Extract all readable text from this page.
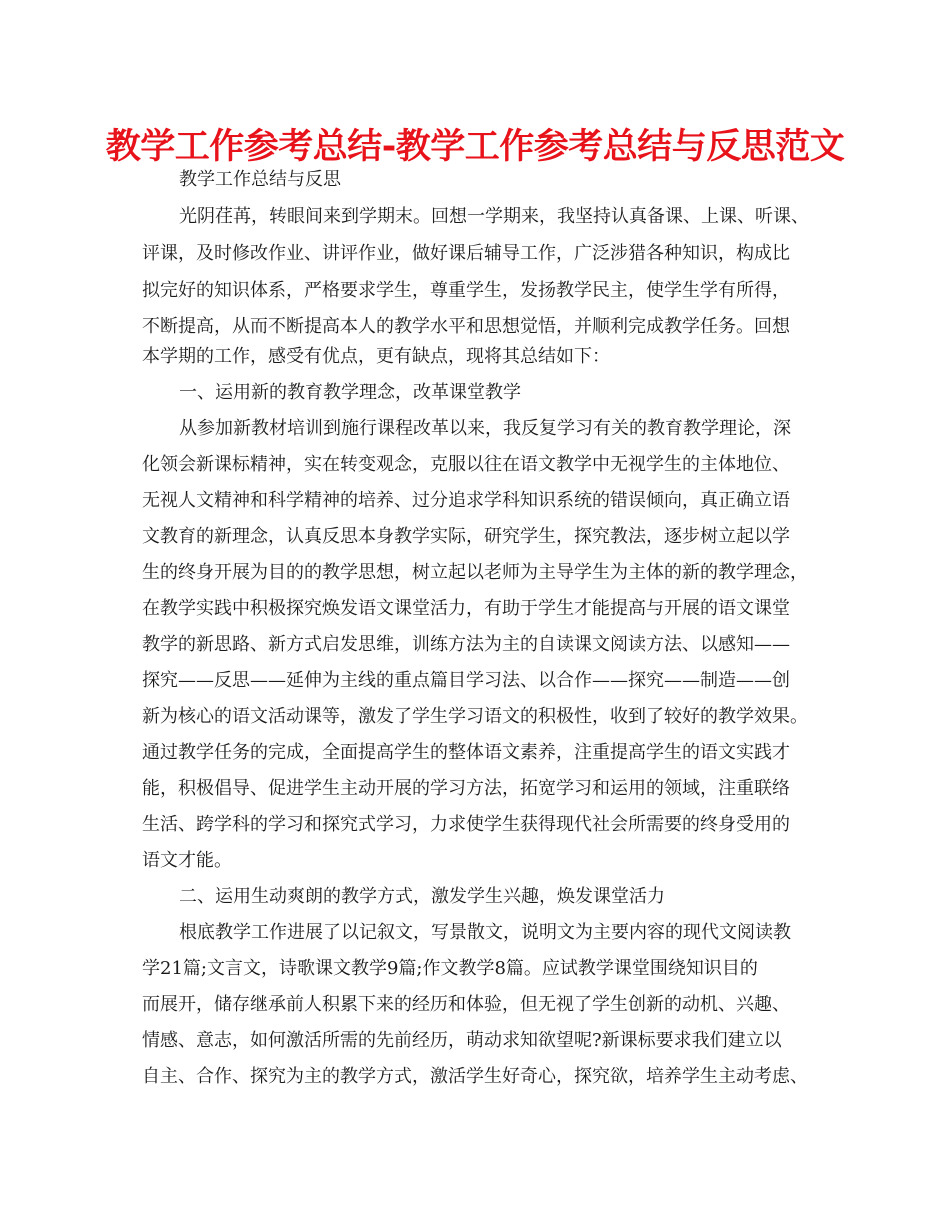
教学工作参考总结-教学工作参考总结与反思范文
教学工作总结与反思
光阴荏苒，转眼间来到学期末。回想一学期来，我坚持认真备课、上课、听课、
评课，及时修改作业、讲评作业，做好课后辅导工作，广泛涉猎各种知识，构成比
拟完好的知识体系，严格要求学生，尊重学生，发扬教学民主，使学生学有所得，
不断提高，从而不断提高本人的教学水平和思想觉悟，并顺利完成教学任务。回想
本学期的工作，感受有优点，更有缺点，现将其总结如下：
一、运用新的教育教学理念，改革课堂教学
从参加新教材培训到施行课程改革以来，我反复学习有关的教育教学理论，深
化领会新课标精神，实在转变观念，克服以往在语文教学中无视学生的主体地位、
无视人文精神和科学精神的培养、过分追求学科知识系统的错误倾向，真正确立语
文教育的新理念，认真反思本身教学实际，研究学生，探究教法，逐步树立起以学
生的终身开展为目的的教学思想，树立起以老师为主导学生为主体的新的教学理念，
在教学实践中积极探究焕发语文课堂活力，有助于学生才能提高与开展的语文课堂
教学的新思路、新方式启发思维，训练方法为主的自读课文阅读方法、以感知——
探究——反思——延伸为主线的重点篇目学习法、以合作——探究——制造——创
新为核心的语文活动课等，激发了学生学习语文的积极性，收到了较好的教学效果。
通过教学任务的完成，全面提高学生的整体语文素养，注重提高学生的语文实践才
能，积极倡导、促进学生主动开展的学习方法，拓宽学习和运用的领域，注重联络
生活、跨学科的学习和探究式学习，力求使学生获得现代社会所需要的终身受用的
语文才能。
二、运用生动爽朗的教学方式，激发学生兴趣，焕发课堂活力
根底教学工作进展了以记叙文，写景散文，说明文为主要内容的现代文阅读教
学21篇;文言文，诗歌课文教学9篇;作文教学8篇。应试教学课堂围绕知识目的
而展开，储存继承前人积累下来的经历和体验，但无视了学生创新的动机、兴趣、
情感、意志，如何激活所需的先前经历，萌动求知欲望呢?新课标要求我们建立以
自主、合作、探究为主的教学方式，激活学生好奇心，探究欲，培养学生主动考虑、
